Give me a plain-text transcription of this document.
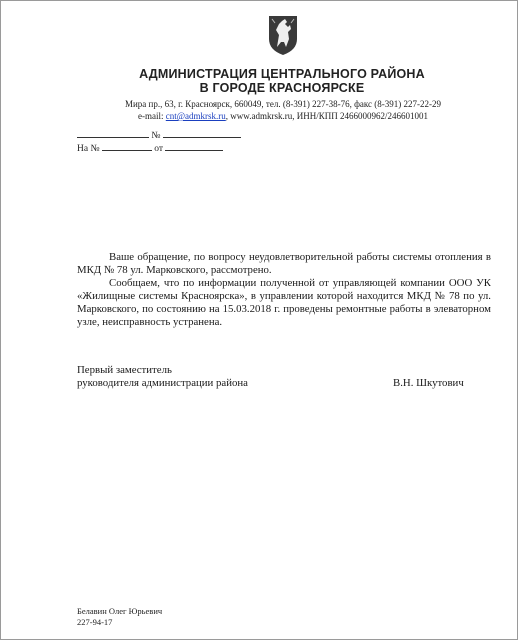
АДМИНИСТРАЦИЯ ЦЕНТРАЛЬНОГО РАЙОНА
В ГОРОДЕ КРАСНОЯРСКЕ
Мира пр., 63, г. Красноярск, 660049, тел. (8-391) 227-38-76, факс (8-391) 227-22-29
e-mail: cnt@admkrsk.ru, www.admkrsk.ru, ИНН/КПП 2466000962/246601001
№
На №	от

Ваше обращение, по вопросу неудовлетворительной работы системы отопления в МКД № 78 ул. Марковского, рассмотрено.

Сообщаем, что по информации полученной от управляющей компании ООО УК «Жилищные системы Красноярска», в управлении которой находится МКД № 78 по ул. Марковского, по состоянию на 15.03.2018 г. проведены ремонтные работы в элеваторном узле, неисправность устранена.

Первый заместитель
руководителя администрации района	В.Н. Шкутович
Белавин Олег Юрьевич
227-94-17
